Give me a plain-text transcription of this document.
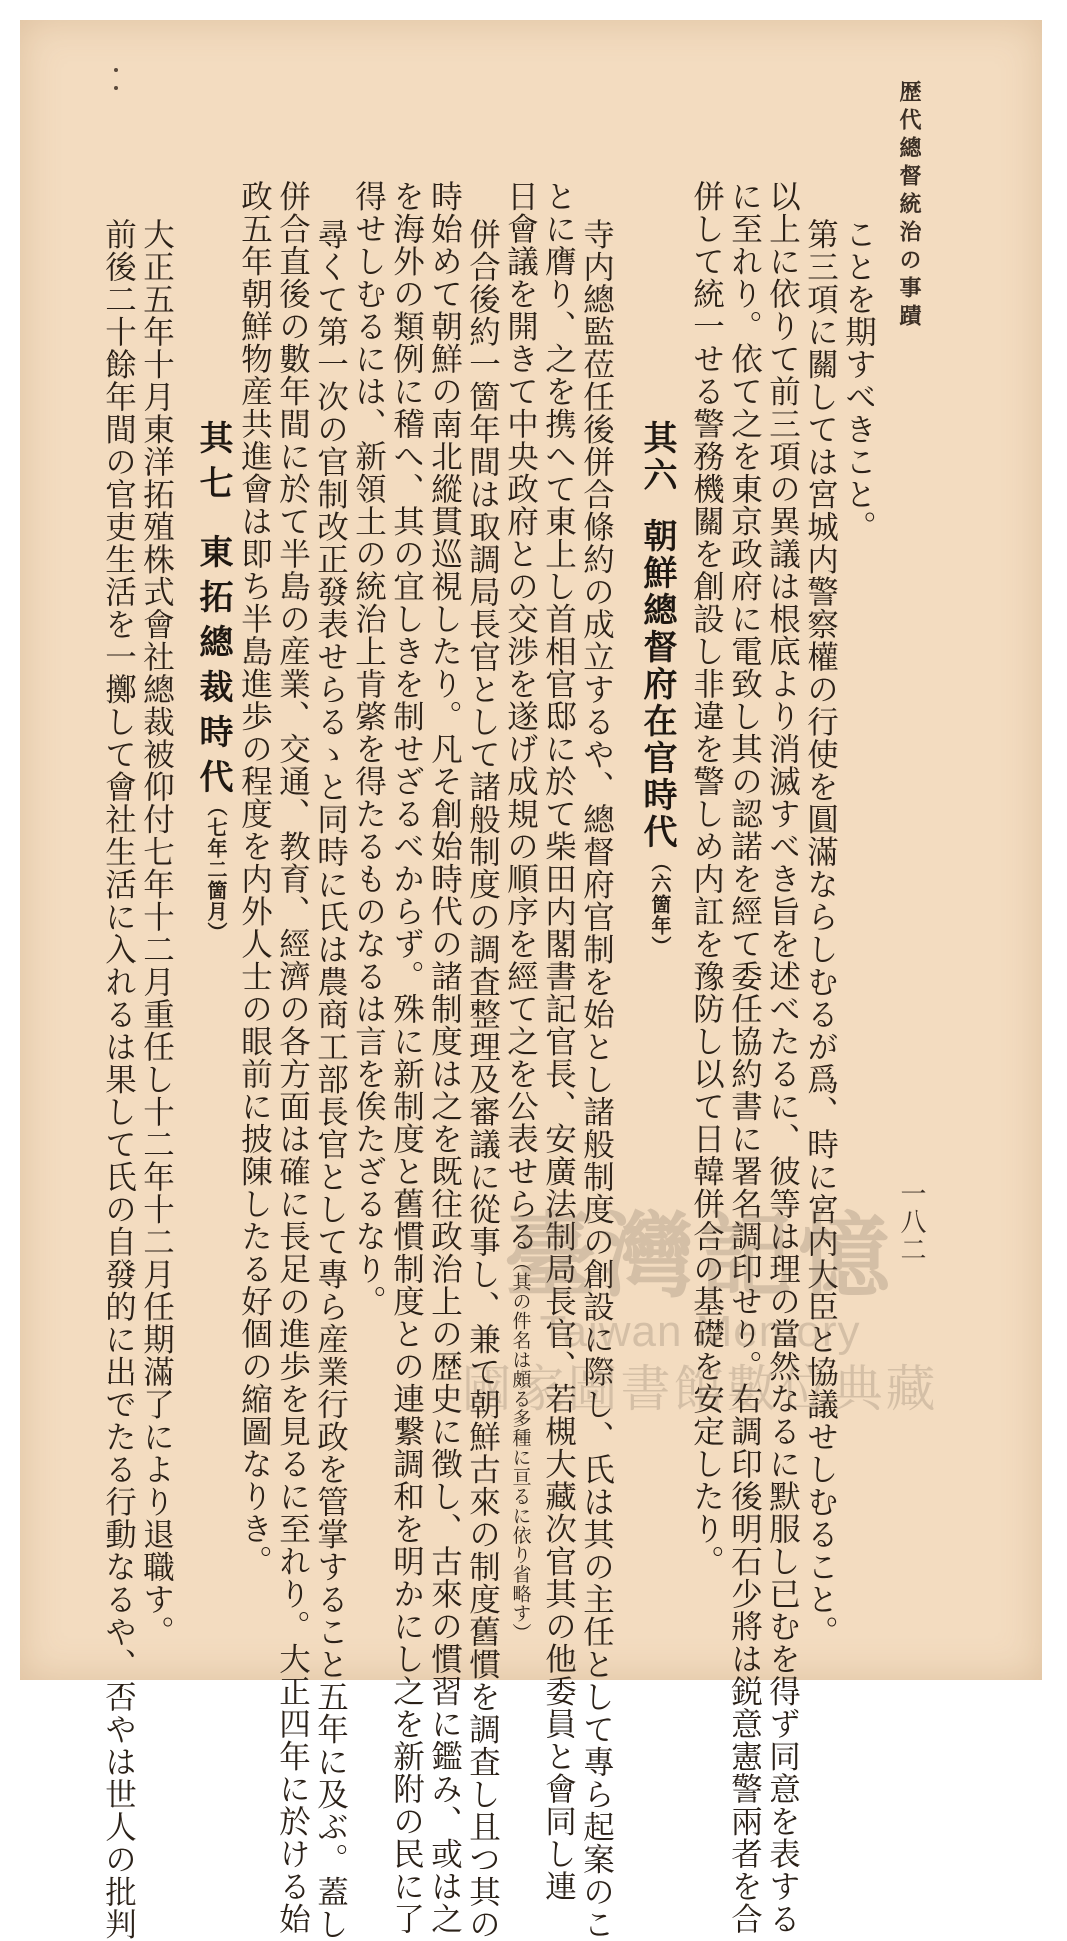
歴代總督統治の事蹟
一八二
ことを期すべきこと。
第三項に關しては宮城内警察權の行使を圓滿ならしむるが爲、時に宮内大臣と協議せしむること。
以上に依りて前三項の異議は根底より消滅すべき旨を述べたるに、彼等は理の當然なるに默服し已むを得ず同意を表する
に至れり。依て之を東京政府に電致し其の認諾を經て委任協約書に署名調印せり。右調印後明石少將は鋭意憲警兩者を合
併して統一せる警務機關を創設し非違を警しめ内訌を豫防し以て日韓併合の基礎を安定したり。
其六朝鮮總督府在官時代
（六箇年）
寺内總監莅任後併合條約の成立するや、總督府官制を始とし諸般制度の創設に際し、氏は其の主任として專ら起案のこ
とに膺り、之を携へて東上し首相官邸に於て柴田内閣書記官長、安廣法制局長官、若槻大藏次官其の他委員と會同し連
日會議を開きて中央政府との交渉を遂げ成規の順序を經て之を公表せらる（其の件名は頗る多種に亘るに依り省略す）
併合後約一箇年間は取調局長官として諸般制度の調査整理及審議に從事し、兼て朝鮮古來の制度舊慣を調査し且つ其の
時始めて朝鮮の南北縱貫巡視したり。凡そ創始時代の諸制度は之を既往政治上の歴史に徴し、古來の慣習に鑑み、或は之
を海外の類例に稽へ、其の宜しきを制せざるべからず。殊に新制度と舊慣制度との連繋調和を明かにし之を新附の民に了
得せしむるには、新領土の統治上肯綮を得たるものなるは言を俟たざるなり。
尋くて第一次の官制改正發表せらるゝと同時に氏は農商工部長官として專ら産業行政を管掌すること五年に及ぶ。蓋し
併合直後の數年間に於て半島の産業、交通、教育、經濟の各方面は確に長足の進歩を見るに至れり。大正四年に於ける始
政五年朝鮮物産共進會は即ち半島進歩の程度を内外人士の眼前に披陳したる好個の縮圖なりき。
其七東拓總裁時代
（七年二箇月）
大正五年十月東洋拓殖株式會社總裁被仰付七年十二月重任し十二年十二月任期滿了により退職す。
前後二十餘年間の官吏生活を一擲して會社生活に入れるは果して氏の自發的に出でたる行動なるや、否やは世人の批判	臺灣記憶
Taiwan Memory
國家圖書館數位典藏
